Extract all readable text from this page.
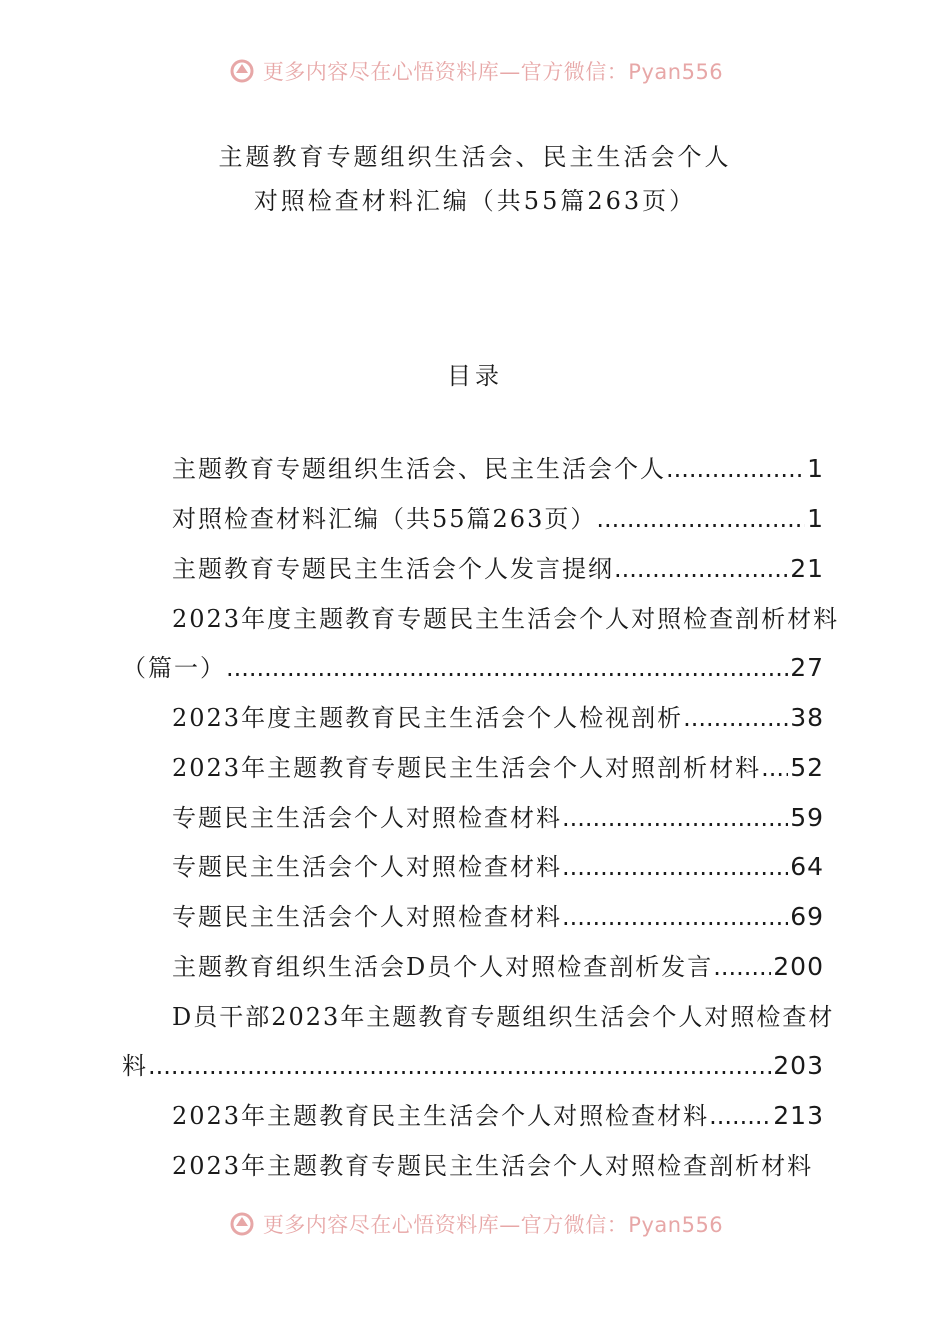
更多内容尽在心悟资料库—官方微信：Pyan556
主题教育专题组织生活会、民主生活会个人
对照检查材料汇编（共55篇263页）
目录
主题教育专题组织生活会、民主生活会个人 .....	1
对照检查材料汇编（共55篇263页） .....	1
主题教育专题民主生活会个人发言提纲 .....	21
2023年度主题教育专题民主生活会个人对照检查剖析材料
（篇一） .....	27
2023年度主题教育民主生活会个人检视剖析 .....	38
2023年主题教育专题民主生活会个人对照剖析材料 ..... 52
专题民主生活会个人对照检查材料 .....	59
专题民主生活会个人对照检查材料 .....	64
专题民主生活会个人对照检查材料 .....	69
主题教育组织生活会D员个人对照检查剖析发言 ..... 200
D员干部2023年主题教育专题组织生活会个人对照检查材
料 .....	203
2023年主题教育民主生活会个人对照检查材料 .....	213
2023年主题教育专题民主生活会个人对照检查剖析材料
更多内容尽在心悟资料库—官方微信：Pyan556
